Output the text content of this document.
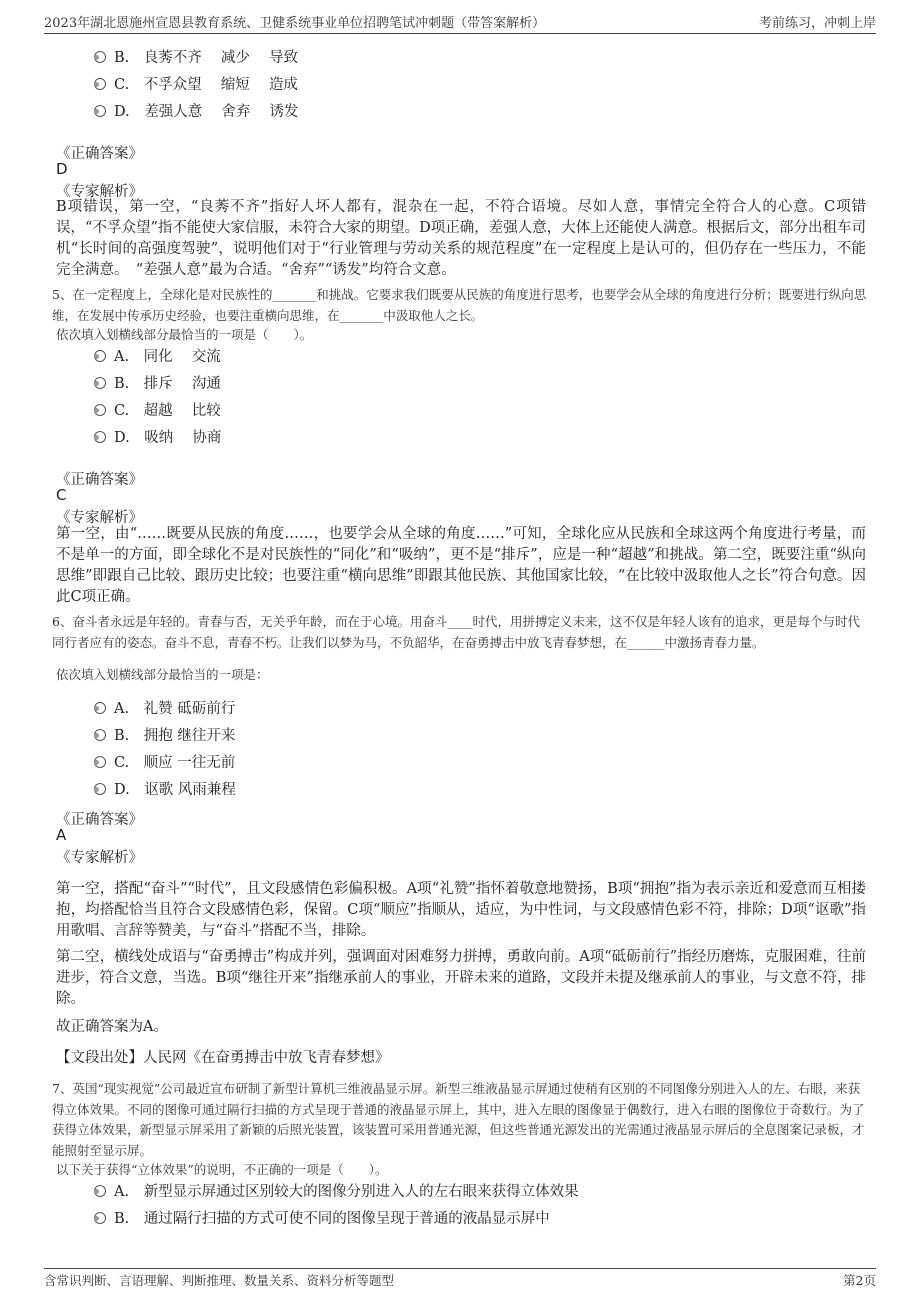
2023年湖北恩施州宣恩县教育系统、卫健系统事业单位招聘笔试冲刺题（带答案解析）	考前练习，冲刺上岸

B.　良莠不齐　 减少　 导致

C.　不孚众望　 缩短　 造成

D.　差强人意　 舍弃　 诱发

《正确答案》
D
《专家解析》
B项错误，第一空，“良莠不齐”指好人坏人都有，混杂在一起，不符合语境。尽如人意，事情完全符合人的心意。C项错误，“不孚众望”指不能使大家信服，未符合大家的期望。D项正确，差强人意，大体上还能使人满意。根据后文，部分出租车司机“长时间的高强度驾驶”，说明他们对于“行业管理与劳动关系的规范程度”在一定程度上是认可的，但仍存在一些压力，不能完全满意。　“差强人意”最为合适。“舍弃”“诱发”均符合文意。
5、在一定程度上，全球化是对民族性的_______和挑战。它要求我们既要从民族的角度进行思考，也要学会从全球的角度进行分析；既要进行纵向思维，在发展中传承历史经验，也要注重横向思维，在_______中汲取他人之长。
依次填入划横线部分最恰当的一项是（　　）。

A.　同化　 交流

B.　排斥　 沟通

C.　超越　 比较

D.　吸纳　 协商

《正确答案》
C
《专家解析》
第一空，由“……既要从民族的角度……，也要学会从全球的角度……”可知，全球化应从民族和全球这两个角度进行考量，而不是单一的方面，即全球化不是对民族性的“同化”和“吸纳”，更不是“排斥”，应是一种“超越”和挑战。第二空，既要注重“纵向思维”即跟自己比较、跟历史比较；也要注重“横向思维”即跟其他民族、其他国家比较，“在比较中汲取他人之长”符合句意。因此C项正确。
6、奋斗者永远是年轻的。青春与否，无关乎年龄，而在于心境。用奋斗____时代，用拼搏定义未来，这不仅是年轻人该有的追求，更是每个与时代同行者应有的姿态。奋斗不息，青春不朽。让我们以梦为马，不负韶华，在奋勇搏击中放飞青春梦想，在______中激扬青春力量。
依次填入划横线部分最恰当的一项是：

A.　礼赞 砥砺前行

B.　拥抱 继往开来

C.　顺应 一往无前

D.　讴歌 风雨兼程

《正确答案》
A
《专家解析》
第一空，搭配“奋斗”“时代”，且文段感情色彩偏积极。A项“礼赞”指怀着敬意地赞扬，B项“拥抱”指为表示亲近和爱意而互相搂抱，均搭配恰当且符合文段感情色彩，保留。C项“顺应”指顺从，适应，为中性词，与文段感情色彩不符，排除；D项“讴歌”指用歌唱、言辞等赞美，与“奋斗”搭配不当，排除。
第二空，横线处成语与“奋勇搏击”构成并列，强调面对困难努力拼搏，勇敢向前。A项“砥砺前行”指经历磨炼，克服困难，往前进步，符合文意，当选。B项“继往开来”指继承前人的事业，开辟未来的道路，文段并未提及继承前人的事业，与文意不符，排除。
故正确答案为A。
【文段出处】人民网《在奋勇搏击中放飞青春梦想》
7、英国“现实视觉”公司最近宣布研制了新型计算机三维液晶显示屏。新型三维液晶显示屏通过使稍有区别的不同图像分别进入人的左、右眼，来获得立体效果。不同的图像可通过隔行扫描的方式呈现于普通的液晶显示屏上，其中，进入左眼的图像显于偶数行，进入右眼的图像位于奇数行。为了获得立体效果，新型显示屏采用了新颖的后照光装置，该装置可采用普通光源，但这些普通光源发出的光需通过液晶显示屏后的全息图案记录板，才能照射至显示屏。
以下关于获得“立体效果”的说明，不正确的一项是（　　）。

A.　新型显示屏通过区别较大的图像分别进入人的左右眼来获得立体效果

B.　通过隔行扫描的方式可使不同的图像呈现于普通的液晶显示屏中

含常识判断、言语理解、判断推理、数量关系、资料分析等题型	第2页
